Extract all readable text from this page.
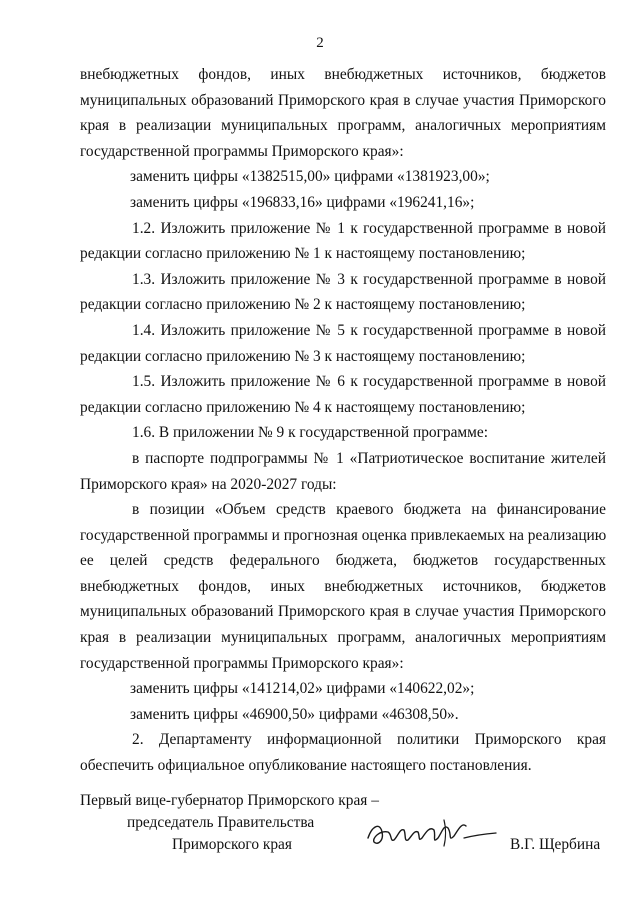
2
внебюджетных фондов, иных внебюджетных источников, бюджетов
муниципальных образований Приморского края в случае участия Приморского
края в реализации муниципальных программ, аналогичных мероприятиям
государственной программы Приморского края»:
заменить цифры «1382515,00» цифрами «1381923,00»;
заменить цифры «196833,16» цифрами «196241,16»;
1.2. Изложить приложение № 1 к государственной программе в новой
редакции согласно приложению № 1 к настоящему постановлению;
1.3. Изложить приложение № 3 к государственной программе в новой
редакции согласно приложению № 2 к настоящему постановлению;
1.4. Изложить приложение № 5 к государственной программе в новой
редакции согласно приложению № 3 к настоящему постановлению;
1.5. Изложить приложение № 6 к государственной программе в новой
редакции согласно приложению № 4 к настоящему постановлению;
1.6. В приложении № 9 к государственной программе:
в паспорте подпрограммы № 1 «Патриотическое воспитание жителей
Приморского края» на 2020-2027 годы:
в позиции «Объем средств краевого бюджета на финансирование
государственной программы и прогнозная оценка привлекаемых на реализацию
ее целей средств федерального бюджета, бюджетов государственных
внебюджетных фондов, иных внебюджетных источников, бюджетов
муниципальных образований Приморского края в случае участия Приморского
края в реализации муниципальных программ, аналогичных мероприятиям
государственной программы Приморского края»:
заменить цифры «141214,02» цифрами «140622,02»;
заменить цифры «46900,50» цифрами «46308,50».
2. Департаменту информационной политики Приморского края
обеспечить официальное опубликование настоящего постановления.
Первый вице-губернатор Приморского края –
председатель Правительства
Приморского края	В.Г. Щербина
